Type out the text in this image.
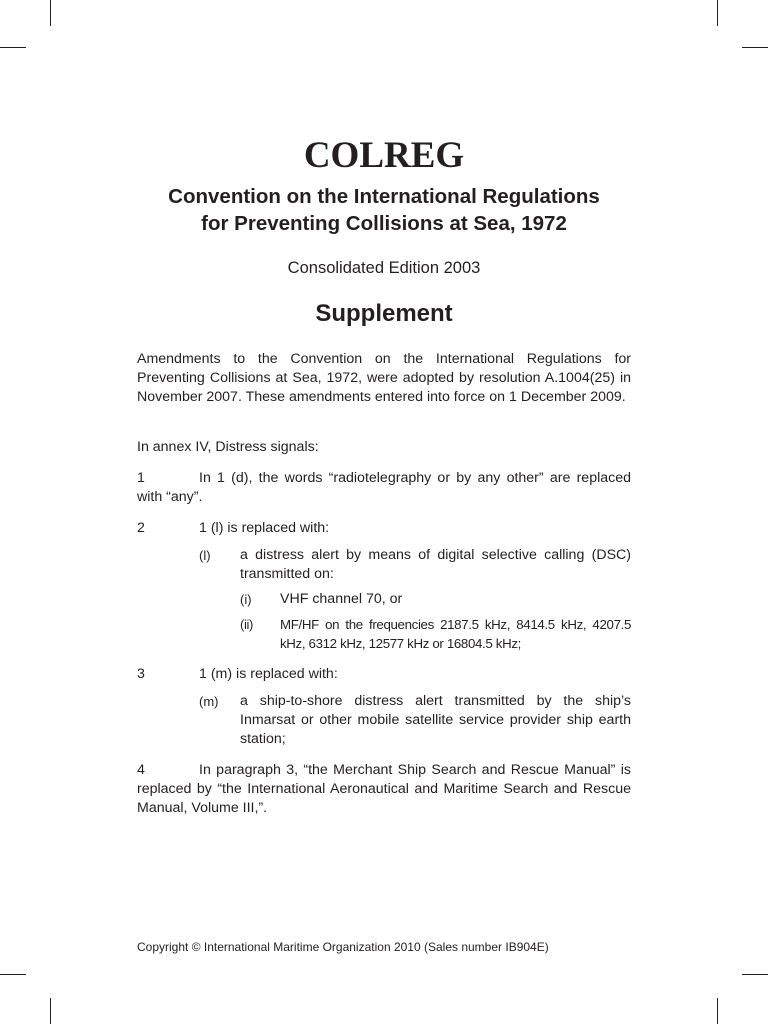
COLREG
Convention on the International Regulations
for Preventing Collisions at Sea, 1972

Consolidated Edition 2003

Supplement

Amendments to the Convention on the International Regulations for Preventing Collisions at Sea, 1972, were adopted by resolution A.1004(25) in November 2007. These amendments entered into force on 1 December 2009.

In annex IV, Distress signals:

1	In 1 (d), the words “radiotelegraphy or by any other” are replaced with “any”.

2	1 (l) is replaced with:

(l) a distress alert by means of digital selective calling (DSC) transmitted on:
(i) VHF channel 70, or
(ii) MF/HF on the frequencies 2187.5 kHz, 8414.5 kHz, 4207.5 kHz, 6312 kHz, 12577 kHz or 16804.5 kHz;

3	1 (m) is replaced with:

(m) a ship-to-shore distress alert transmitted by the ship’s Inmarsat or other mobile satellite service provider ship earth station;

4	In paragraph 3, “the Merchant Ship Search and Rescue Manual” is replaced by “the International Aeronautical and Maritime Search and Rescue Manual, Volume III,”.

Copyright © International Maritime Organization 2010 (Sales number IB904E)
